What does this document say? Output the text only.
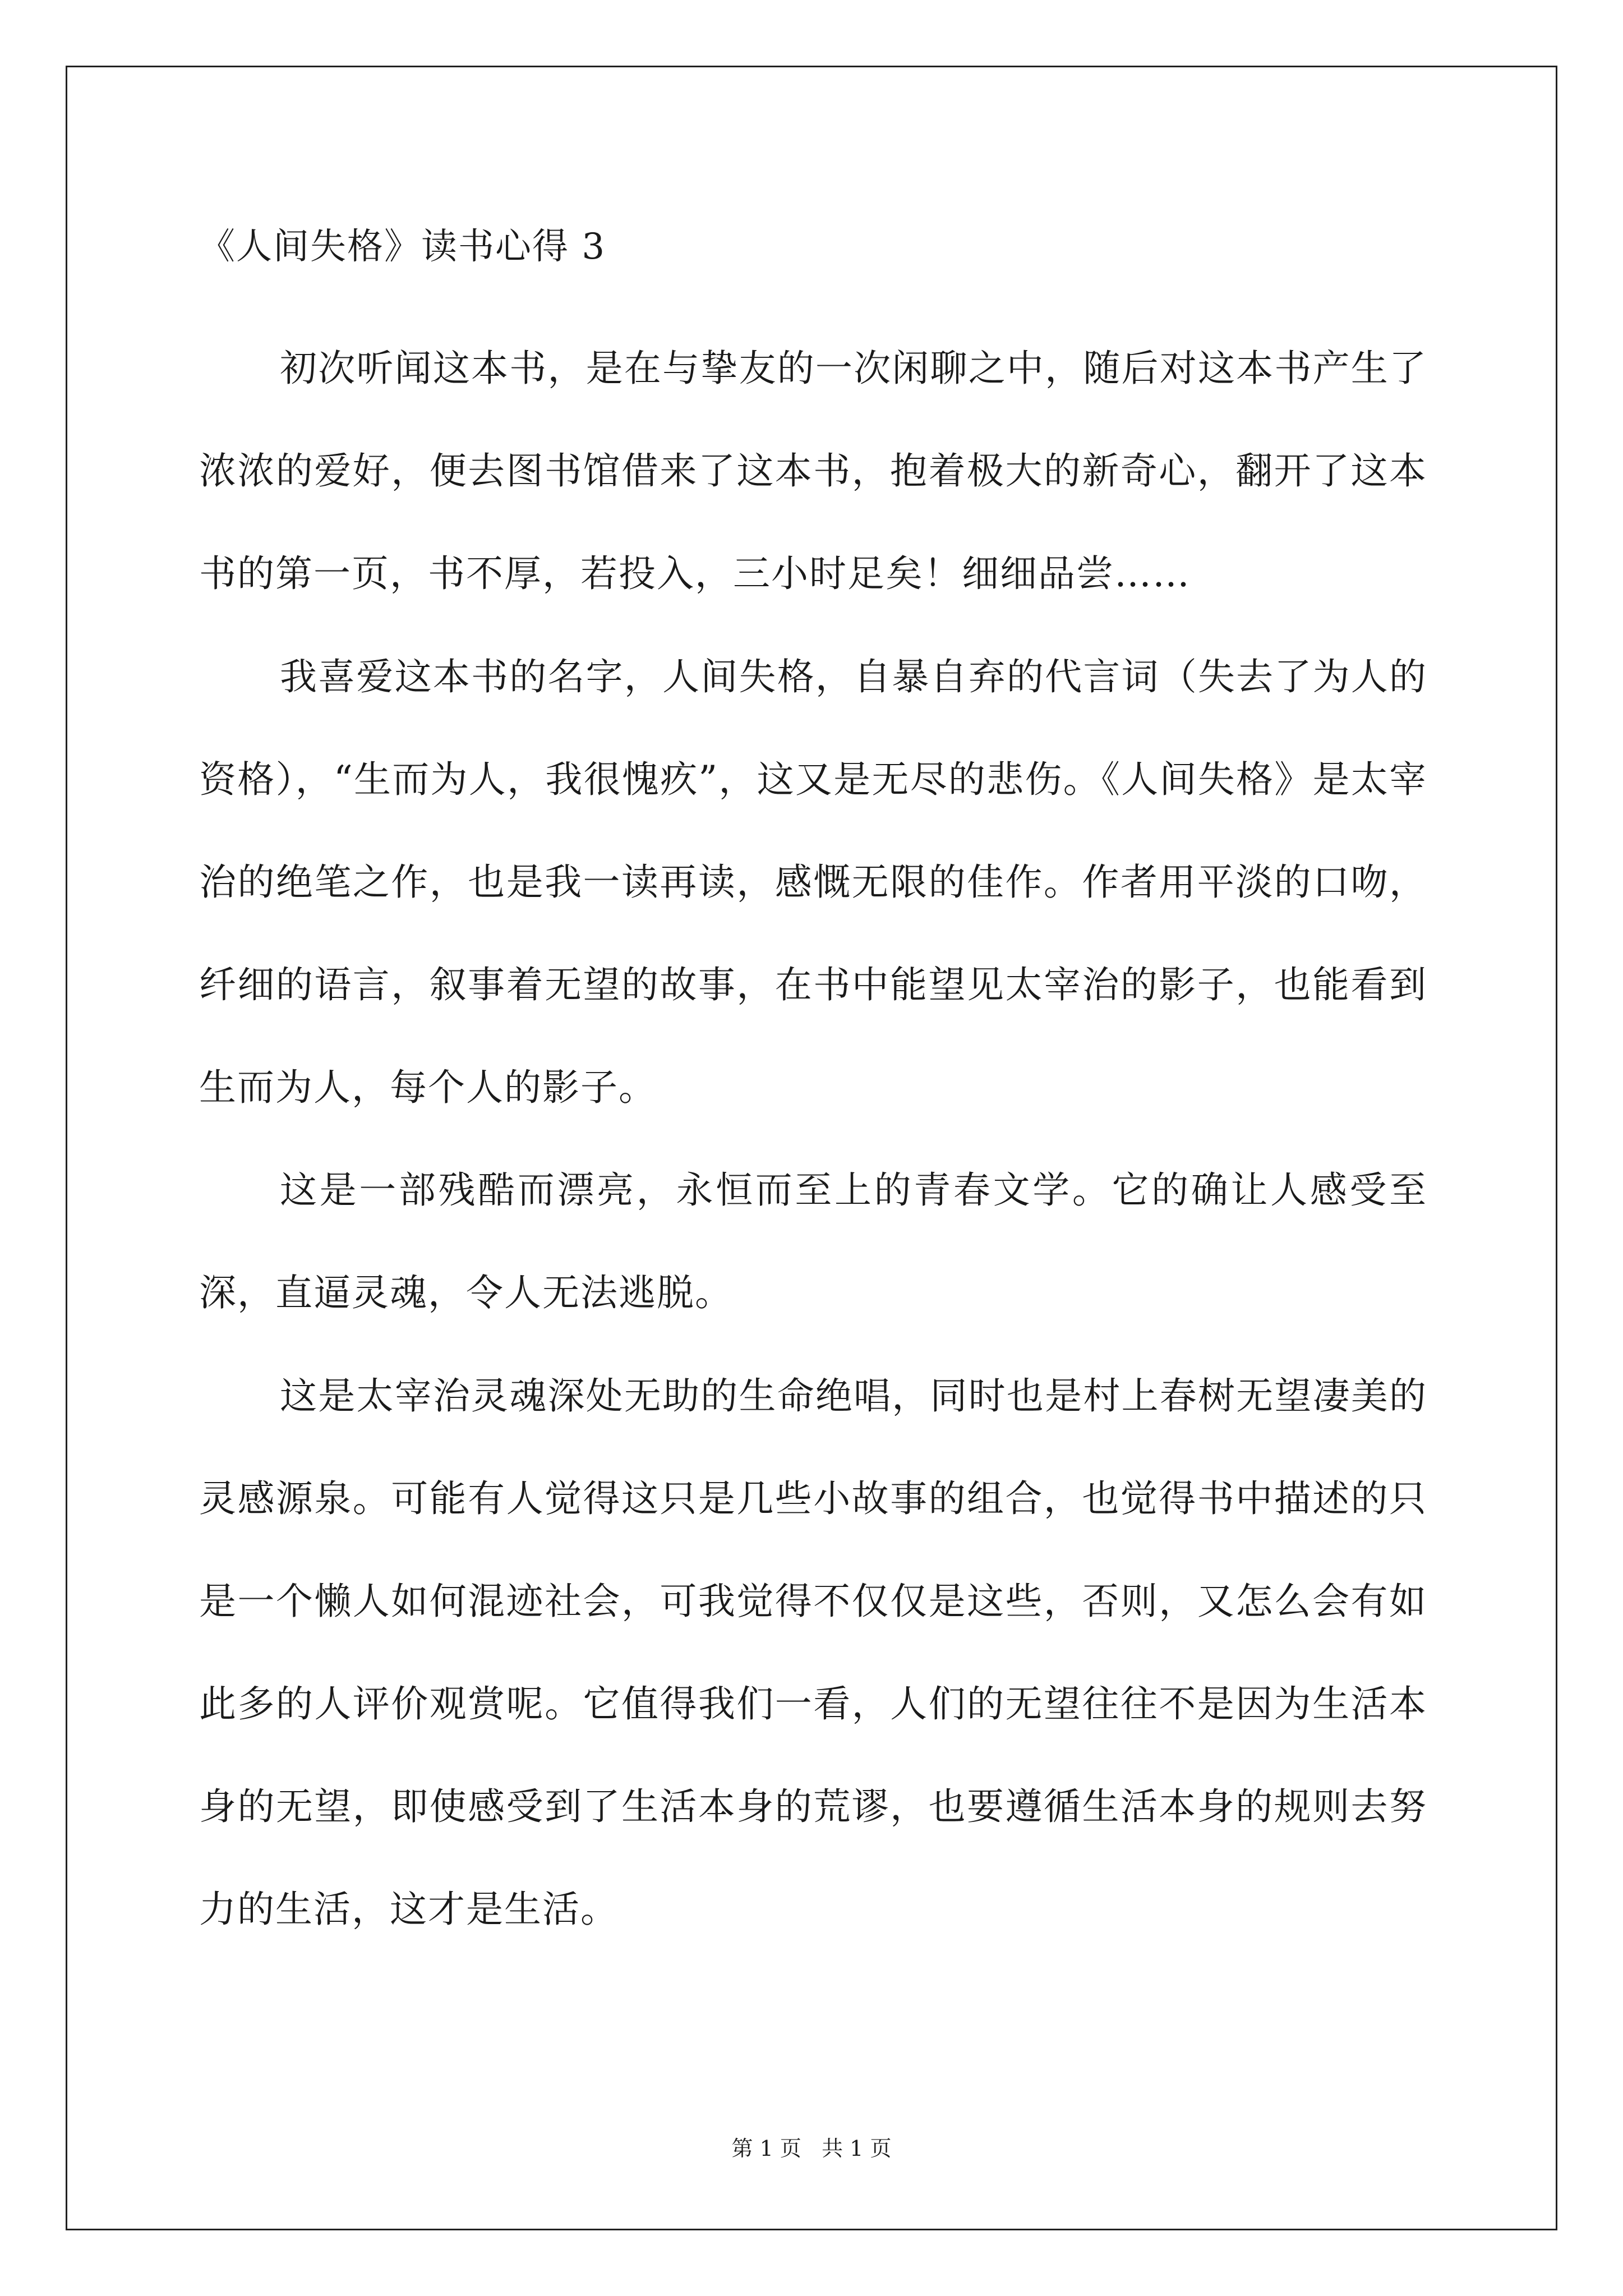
《人间失格》读书心得 3

初次听闻这本书，是在与挚友的一次闲聊之中，随后对这本书产生了浓浓的爱好，便去图书馆借来了这本书，抱着极大的新奇心，翻开了这本书的第一页，书不厚，若投入，三小时足矣！细细品尝……

我喜爱这本书的名字，人间失格，自暴自弃的代言词（失去了为人的资格），“生而为人，我很愧疚”，这又是无尽的悲伤。《人间失格》是太宰治的绝笔之作，也是我一读再读，感慨无限的佳作。作者用平淡的口吻，纤细的语言，叙事着无望的故事，在书中能望见太宰治的影子，也能看到生而为人，每个人的影子。

这是一部残酷而漂亮，永恒而至上的青春文学。它的确让人感受至深，直逼灵魂，令人无法逃脱。

这是太宰治灵魂深处无助的生命绝唱，同时也是村上春树无望凄美的灵感源泉。可能有人觉得这只是几些小故事的组合，也觉得书中描述的只是一个懒人如何混迹社会，可我觉得不仅仅是这些，否则，又怎么会有如此多的人评价观赏呢。它值得我们一看，人们的无望往往不是因为生活本身的无望，即使感受到了生活本身的荒谬，也要遵循生活本身的规则去努力的生活，这才是生活。

第 1 页   共 1 页
